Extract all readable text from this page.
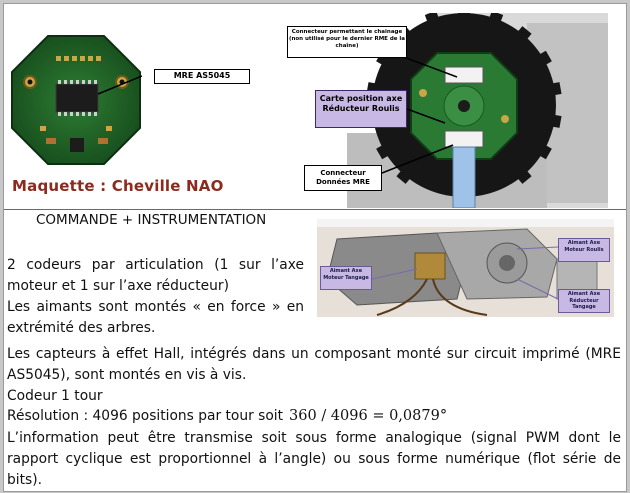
MRE AS5045
Maquette : Cheville NAO
Connecteur permettant le chainage (non utilisé pour le dernier RME de la chaîne)
Carte position axe Réducteur Roulis
Connecteur Données MRE
COMMANDE + INSTRUMENTATION
Aimant Axe Moteur Roulis
Aimant Axe Moteur Tangage
Aimant Axe Réducteur Tangage
2 codeurs par articulation (1 sur l’axe moteur et 1 sur l’axe réducteur)
Les aimants sont montés « en force » en extrémité des arbres.
Les capteurs à effet Hall, intégrés dans un composant monté sur circuit imprimé (MRE AS5045), sont montés en vis à vis.
Codeur 1 tour
Résolution : 4096 positions par tour soit 360 / 4096 = 0,0879°
L’information peut être transmise soit sous forme analogique (signal PWM dont le rapport cyclique est proportionnel à l’angle) ou sous forme numérique (flot série de bits).
